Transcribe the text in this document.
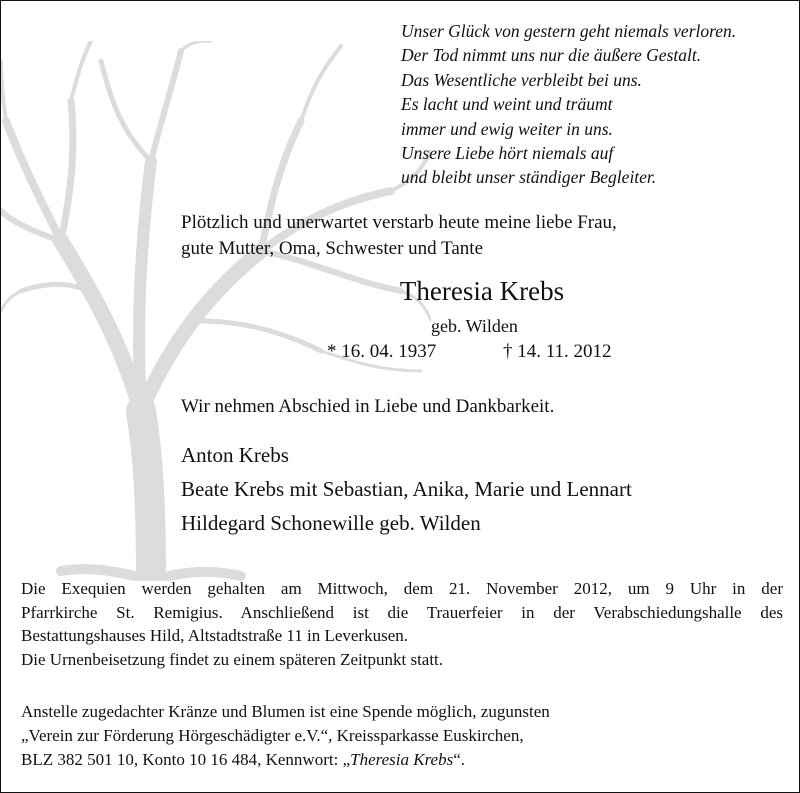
Unser Glück von gestern geht niemals verloren.
Der Tod nimmt uns nur die äußere Gestalt.
Das Wesentliche verbleibt bei uns.
Es lacht und weint und träumt
immer und ewig weiter in uns.
Unsere Liebe hört niemals auf
und bleibt unser ständiger Begleiter.
Plötzlich und unerwartet verstarb heute meine liebe Frau,
gute Mutter, Oma, Schwester und Tante
Theresia Krebs
geb. Wilden
* 16. 04. 1937	† 14. 11. 2012
Wir nehmen Abschied in Liebe und Dankbarkeit.
Anton Krebs
Beate Krebs mit Sebastian, Anika, Marie und Lennart
Hildegard Schonewille geb. Wilden
Die Exequien werden gehalten am Mittwoch, dem 21. November 2012, um 9 Uhr in der
Pfarrkirche St. Remigius. Anschließend ist die Trauerfeier in der Verabschiedungshalle des
Bestattungshauses Hild, Altstadtstraße 11 in Leverkusen.
Die Urnenbeisetzung findet zu einem späteren Zeitpunkt statt.
Anstelle zugedachter Kränze und Blumen ist eine Spende möglich, zugunsten
„Verein zur Förderung Hörgeschädigter e.V.“, Kreissparkasse Euskirchen,
BLZ 382 501 10, Konto 10 16 484, Kennwort: „Theresia Krebs“.
